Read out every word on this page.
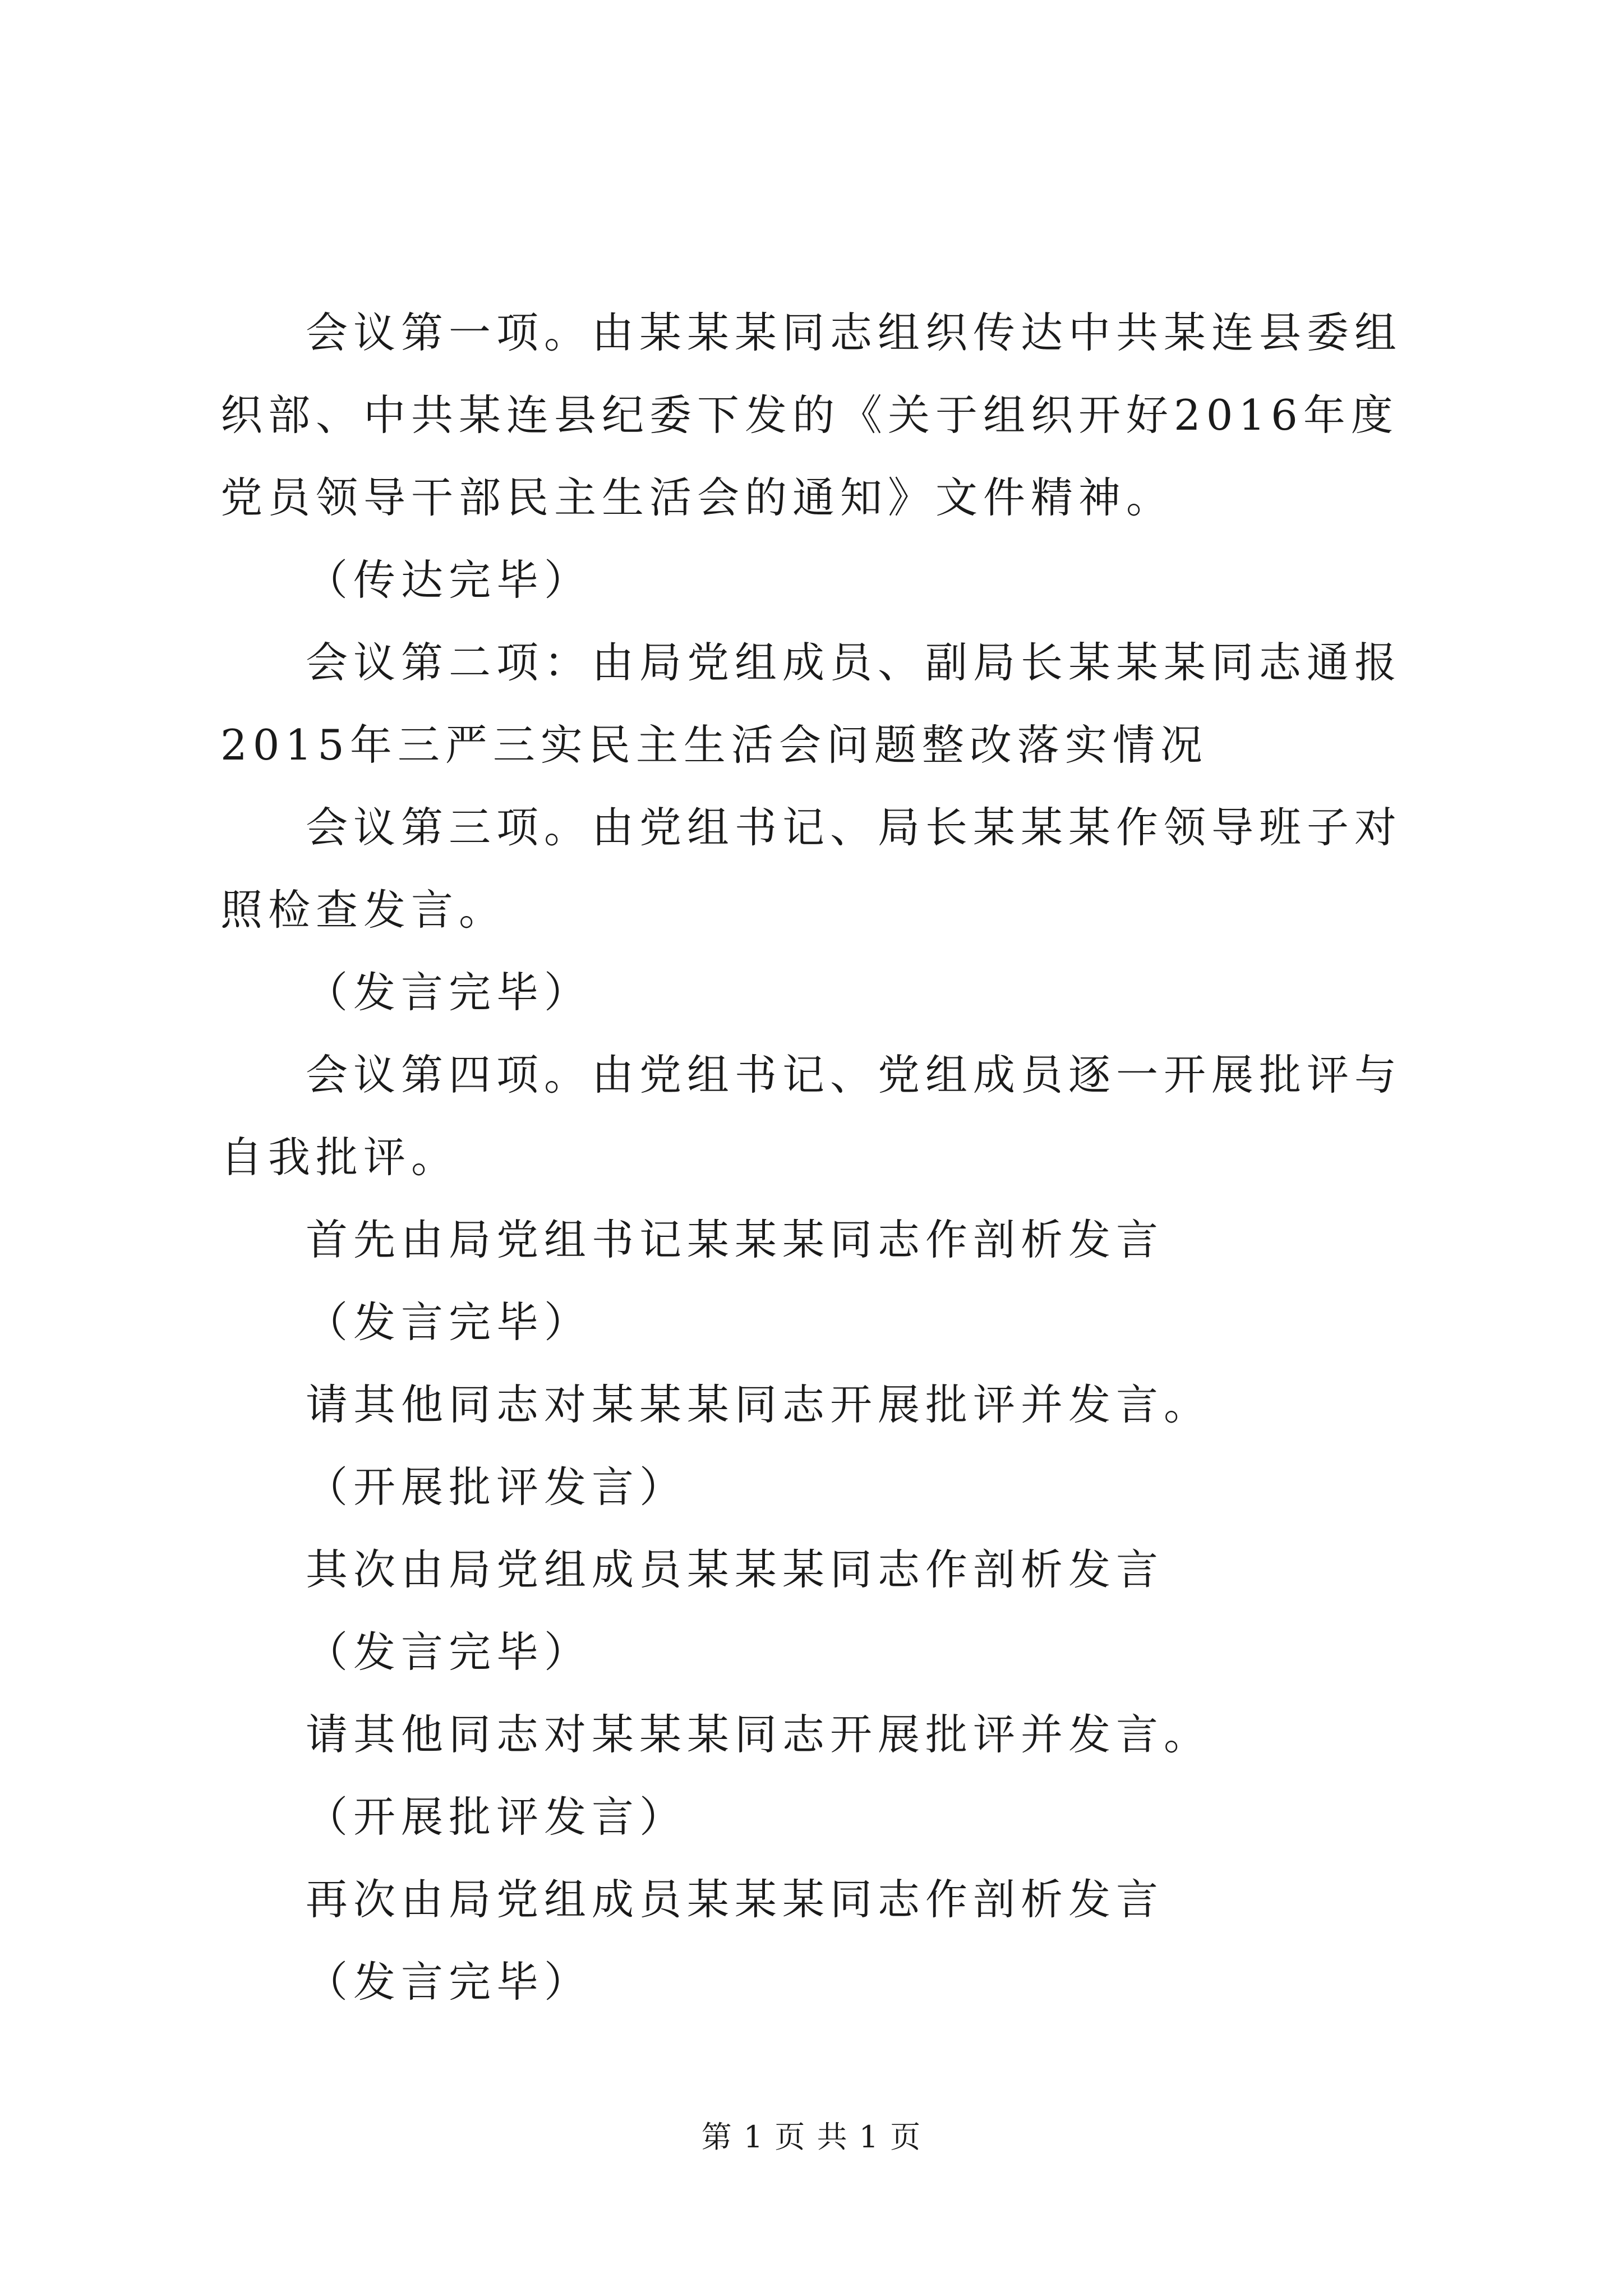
会议第一项。由某某某同志组织传达中共某连县委组织部、中共某连县纪委下发的《关于组织开好2016年度党员领导干部民主生活会的通知》文件精神。

（传达完毕）

会议第二项：由局党组成员、副局长某某某同志通报2015年三严三实民主生活会问题整改落实情况

会议第三项。由党组书记、局长某某某作领导班子对照检查发言。

（发言完毕）

会议第四项。由党组书记、党组成员逐一开展批评与自我批评。

首先由局党组书记某某某同志作剖析发言

（发言完毕）

请其他同志对某某某同志开展批评并发言。

（开展批评发言）

其次由局党组成员某某某同志作剖析发言

（发言完毕）

请其他同志对某某某同志开展批评并发言。

（开展批评发言）

再次由局党组成员某某某同志作剖析发言

（发言完毕）

第 1 页 共 1 页
